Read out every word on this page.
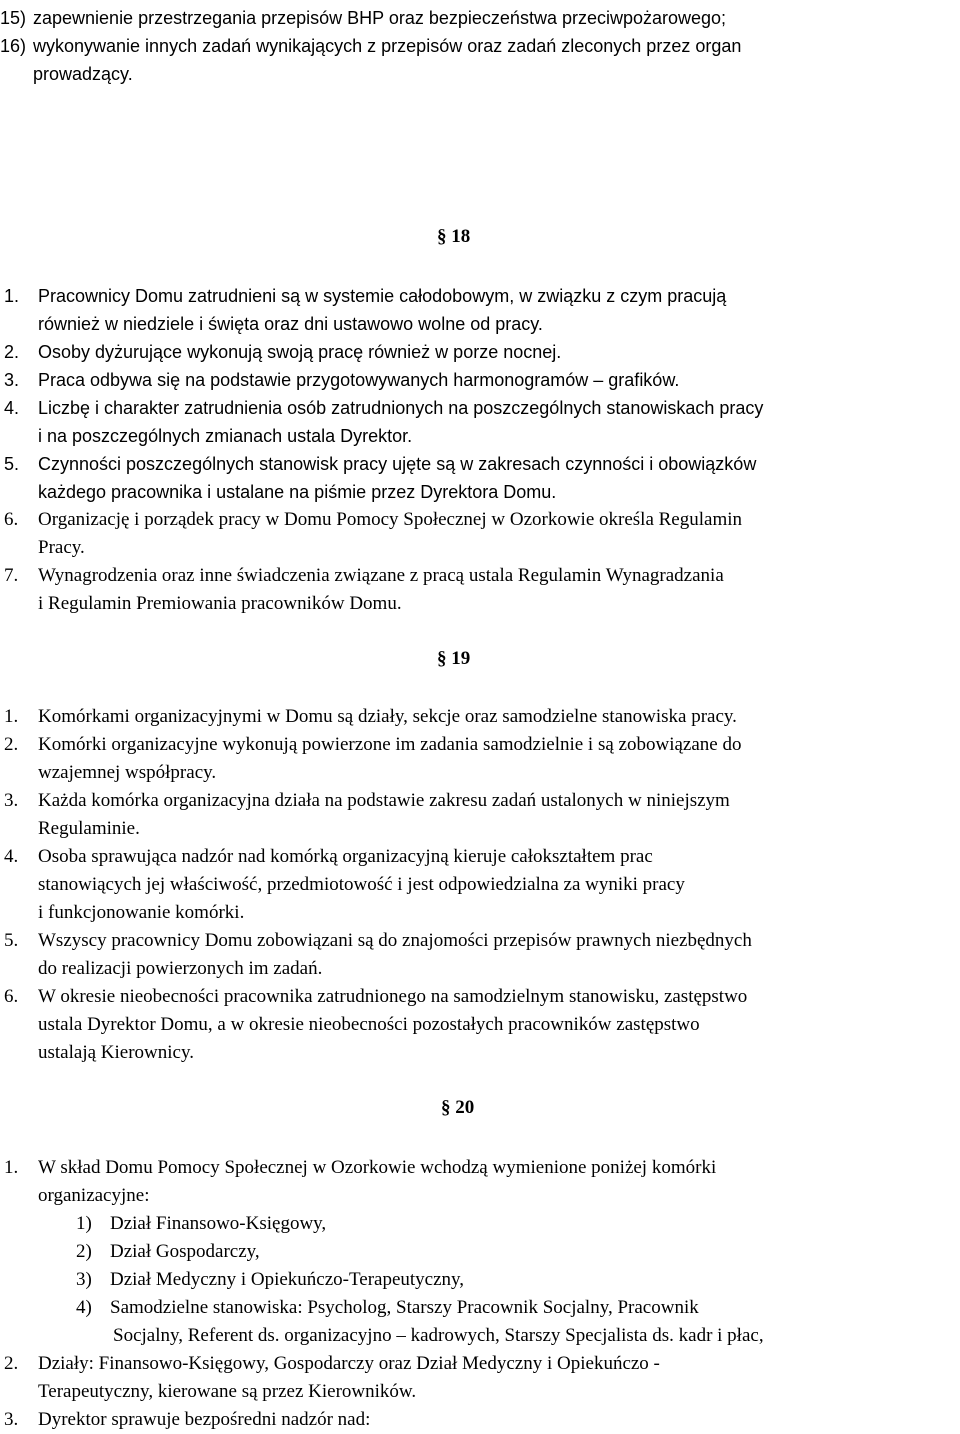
15) zapewnienie przestrzegania przepisów BHP oraz bezpieczeństwa przeciwpożarowego;
16) wykonywanie innych zadań wynikających z przepisów oraz zadań zleconych przez organ
prowadzący.
§ 18
1. Pracownicy Domu zatrudnieni są w systemie całodobowym, w związku z czym pracują
również w niedziele i święta oraz dni ustawowo wolne od pracy.
2. Osoby dyżurujące wykonują swoją pracę również w porze nocnej.
3. Praca odbywa się na podstawie przygotowywanych harmonogramów – grafików.
4. Liczbę i charakter zatrudnienia osób zatrudnionych na poszczególnych stanowiskach pracy
i na poszczególnych zmianach ustala Dyrektor.
5. Czynności poszczególnych stanowisk pracy ujęte są w zakresach czynności i obowiązków
każdego pracownika i ustalane na piśmie przez Dyrektora Domu.
6. Organizację i porządek pracy w Domu Pomocy Społecznej w Ozorkowie określa Regulamin
Pracy.
7. Wynagrodzenia oraz inne świadczenia związane z pracą ustala Regulamin Wynagradzania
i Regulamin Premiowania pracowników Domu.
§ 19
1. Komórkami organizacyjnymi w Domu są działy, sekcje oraz samodzielne stanowiska pracy.
2. Komórki organizacyjne wykonują powierzone im zadania samodzielnie i są zobowiązane do
wzajemnej współpracy.
3. Każda komórka organizacyjna działa na podstawie zakresu zadań ustalonych w niniejszym
Regulaminie.
4. Osoba sprawująca nadzór nad komórką organizacyjną kieruje całokształtem prac
stanowiących jej właściwość, przedmiotowość i jest odpowiedzialna za wyniki pracy
i funkcjonowanie komórki.
5. Wszyscy pracownicy Domu zobowiązani są do znajomości przepisów prawnych niezbędnych
do realizacji powierzonych im zadań.
6. W okresie nieobecności pracownika zatrudnionego na samodzielnym stanowisku, zastępstwo
ustala Dyrektor Domu, a w okresie nieobecności pozostałych pracowników zastępstwo
ustalają Kierownicy.
§ 20
1. W skład Domu Pomocy Społecznej w Ozorkowie wchodzą wymienione poniżej komórki
organizacyjne:
1) Dział Finansowo-Księgowy,
2) Dział Gospodarczy,
3) Dział Medyczny i Opiekuńczo-Terapeutyczny,
4) Samodzielne stanowiska: Psycholog, Starszy Pracownik Socjalny, Pracownik
Socjalny, Referent ds. organizacyjno – kadrowych, Starszy Specjalista ds. kadr i płac,
2. Działy: Finansowo-Księgowy, Gospodarczy oraz Dział Medyczny i Opiekuńczo -
Terapeutyczny, kierowane są przez Kierowników.
3. Dyrektor sprawuje bezpośredni nadzór nad:
